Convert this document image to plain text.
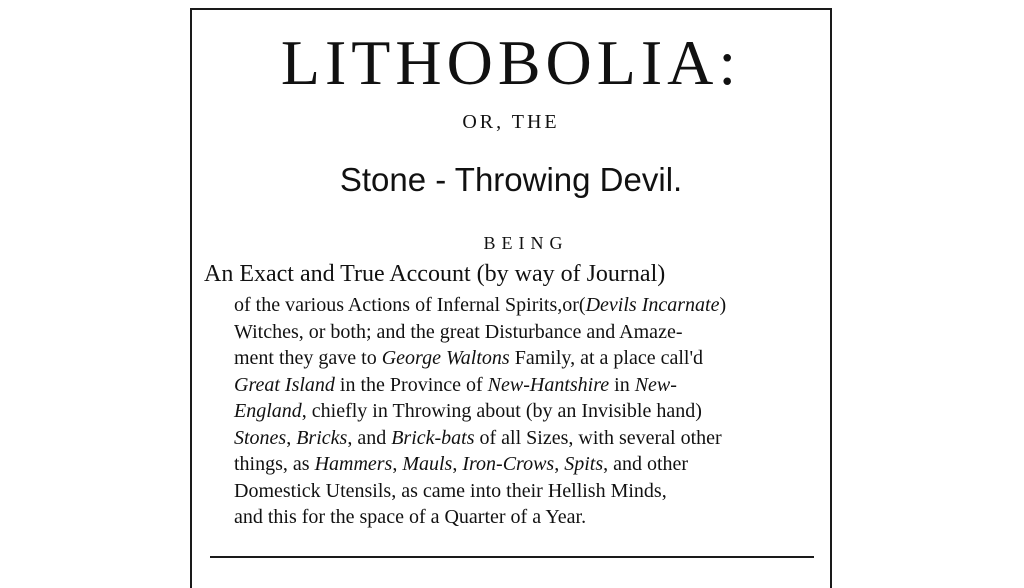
LITHOBOLIA:

OR, THE

Stone - Throwing Devil.

BEING

An Exact and True Account (by way of Journal)

of the various Actions of Infernal Spirits,or(Devils Incarnate)
Witches, or both; and the great Disturbance and Amaze-
ment they gave to George Waltons Family, at a place call'd
Great Island in the Province of New-Hantshire in New-
England, chiefly in Throwing about (by an Invisible hand)
Stones, Bricks, and Brick-bats of all Sizes, with several other
things, as Hammers, Mauls, Iron-Crows, Spits, and other
Domestick Utensils, as came into their Hellish Minds,
and this for the space of a Quarter of a Year.
